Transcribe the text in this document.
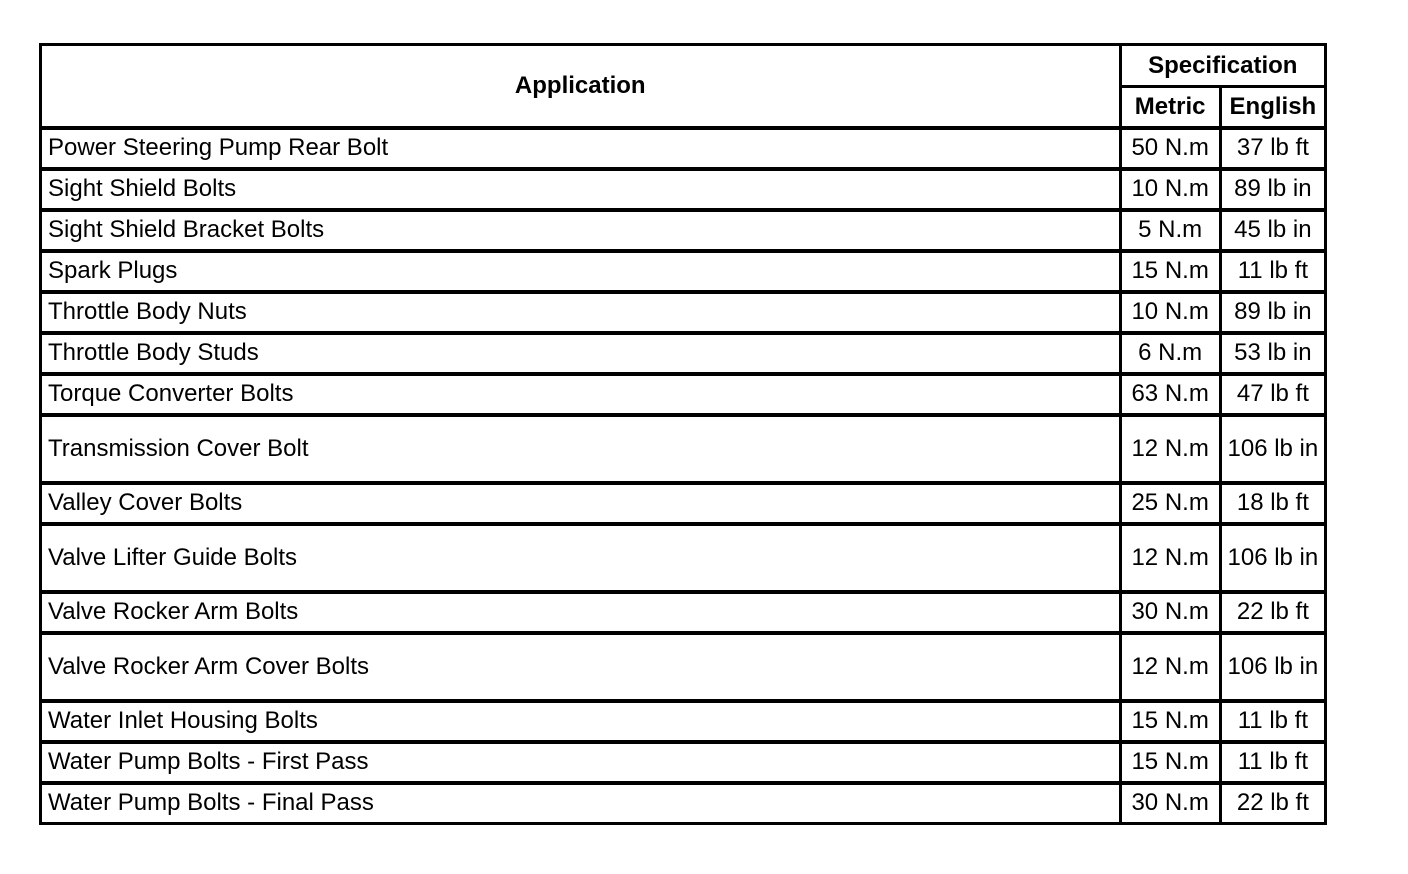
Application	Specification	
	Metric	English
Power Steering Pump Rear Bolt	50 N.m	37 lb ft
Sight Shield Bolts	10 N.m	89 lb in
Sight Shield Bracket Bolts	5 N.m	45 lb in
Spark Plugs	15 N.m	11 lb ft
Throttle Body Nuts	10 N.m	89 lb in
Throttle Body Studs	6 N.m	53 lb in
Torque Converter Bolts	63 N.m	47 lb ft
Transmission Cover Bolt	12 N.m	106 lb in
Valley Cover Bolts	25 N.m	18 lb ft
Valve Lifter Guide Bolts	12 N.m	106 lb in
Valve Rocker Arm Bolts	30 N.m	22 lb ft
Valve Rocker Arm Cover Bolts	12 N.m	106 lb in
Water Inlet Housing Bolts	15 N.m	11 lb ft
Water Pump Bolts - First Pass	15 N.m	11 lb ft
Water Pump Bolts - Final Pass	30 N.m	22 lb ft
